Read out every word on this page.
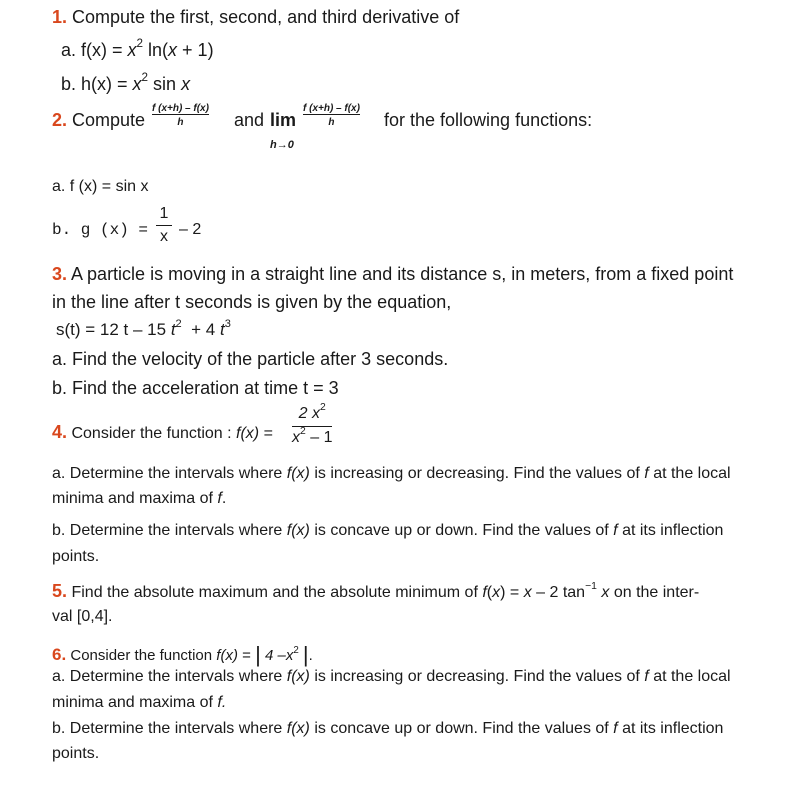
1. Compute the first, second, and third derivative of
a. $f(x) = x^2$ ln(x + 1)
b. $h(x) = x^2$ sin x
2. Compute
f (x+h) – f(x)
h	and lim
h→0
f (x+h) – f(x)
h	for the following functions:
a. f (x) = sin x
b. g (x) =
1
x – 2
3. A particle is moving in a straight line and its distance s, in meters, from a fixed point
in the line after t seconds is given by the equation,
s(t) = 12 t – 15 $t^2 + 4$ $t^3$
a. Find the velocity of the particle after 3 seconds.
b. Find the acceleration at time t = 3
4. Consider the function : f(x) =
2 $x^2$
$x^2 - 1$
a. Determine the intervals where f(x) is increasing or decreasing. Find the values of f at the local
minima and maxima of f.
b. Determine the intervals where f(x) is concave up or down. Find the values of f at its inflection
points.
5. Find the absolute maximum and the absolute minimum of f(x) = x – 2 $\tan^{-1} x$ on the inter-
val [0,4].
6. Consider the function f(x) = | 4 $-x^2$ |.
a. Determine the intervals where f(x) is increasing or decreasing. Find the values of f at the local
minima and maxima of f.
b. Determine the intervals where f(x) is concave up or down. Find the values of f at its inflection
points.
